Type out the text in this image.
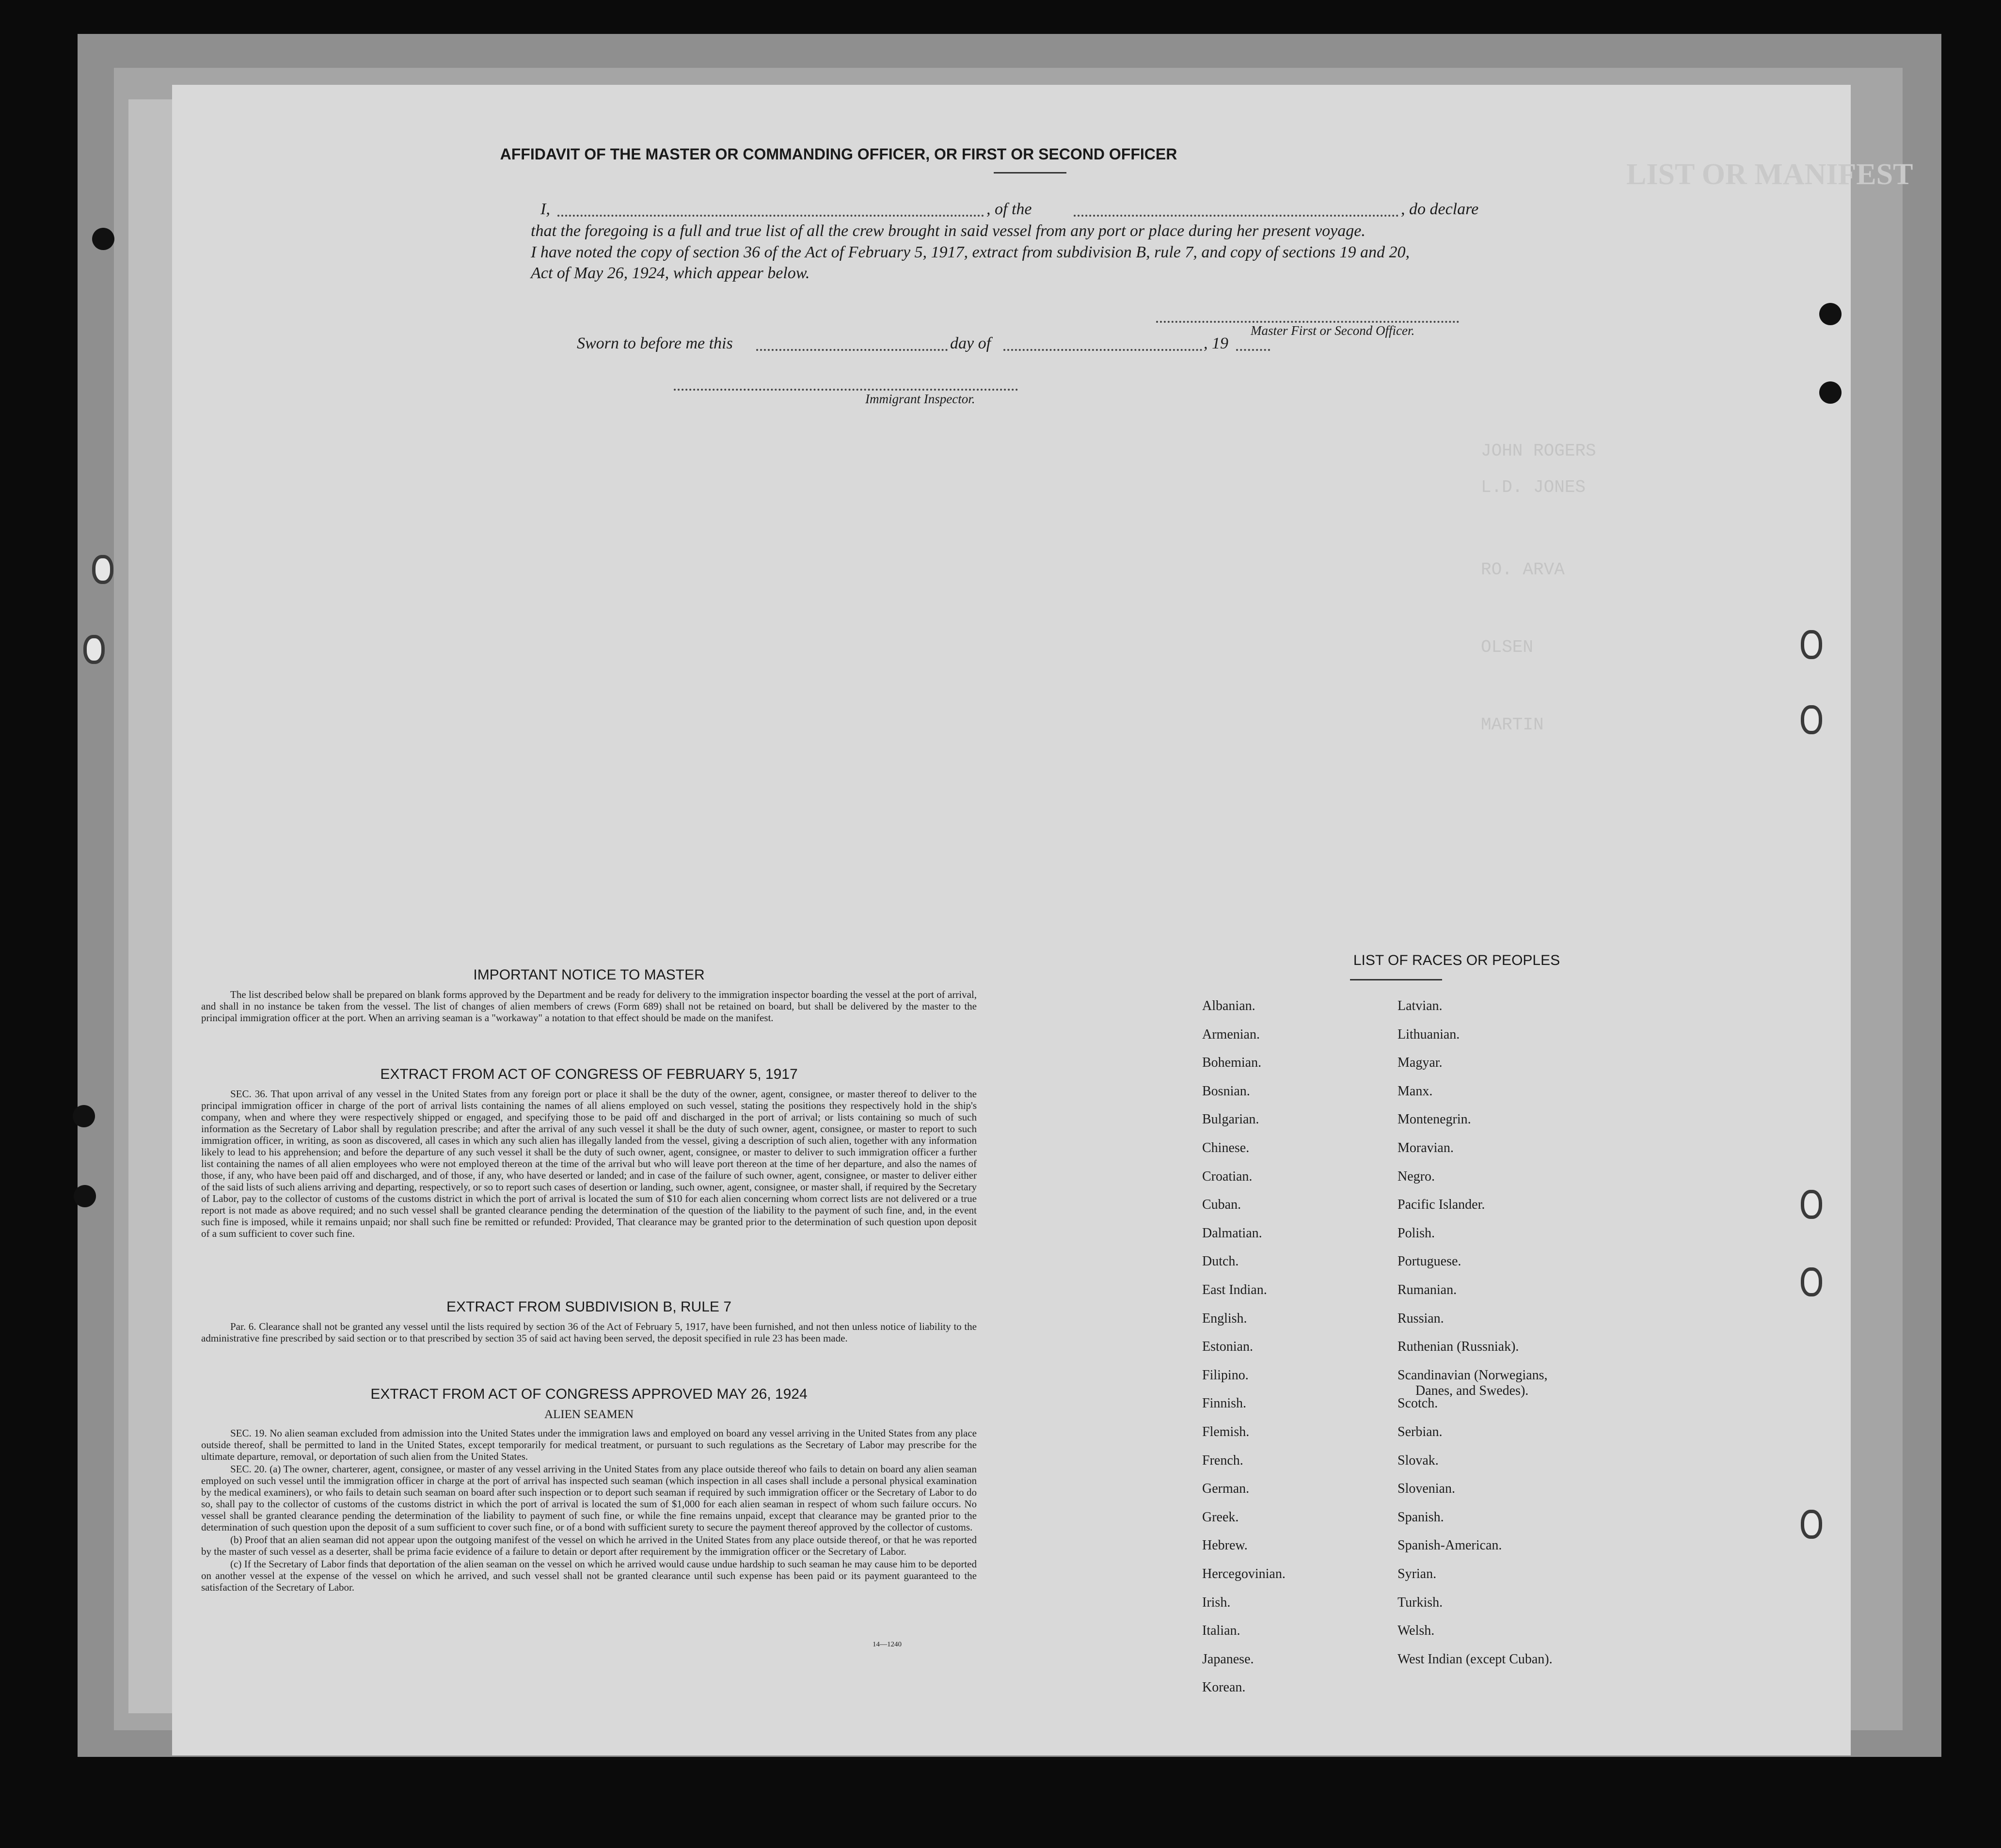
LIST OR MANIFEST
JOHN ROGERS
L.D. JONES
RO. ARVA
OLSEN
MARTIN
AFFIDAVIT OF THE MASTER OR COMMANDING OFFICER, OR FIRST OR SECOND OFFICER
I,	, of the	, do declare
that the foregoing is a full and true list of all the crew brought in said vessel from any port or place during her present voyage.
I have noted the copy of section 36 of the Act of February 5, 1917, extract from subdivision B, rule 7, and copy of sections 19 and 20,
Act of May 26, 1924, which appear below.
Master First or Second Officer.
Sworn to before me this	day of	, 19
Immigrant Inspector.
IMPORTANT NOTICE TO MASTER

The list described below shall be prepared on blank forms approved by the Department and be ready for delivery to the immigration inspector boarding the vessel at the port of arrival, and shall in no instance be taken from the vessel. The list of changes of alien members of crews (Form 689) shall not be retained on board, but shall be delivered by the master to the principal immigration officer at the port. When an arriving seaman is a "workaway" a notation to that effect should be made on the manifest.

EXTRACT FROM ACT OF CONGRESS OF FEBRUARY 5, 1917

SEC. 36. That upon arrival of any vessel in the United States from any foreign port or place it shall be the duty of the owner, agent, consignee, or master thereof to deliver to the principal immigration officer in charge of the port of arrival lists containing the names of all aliens employed on such vessel, stating the positions they respectively hold in the ship's company, when and where they were respectively shipped or engaged, and specifying those to be paid off and discharged in the port of arrival; or lists containing so much of such information as the Secretary of Labor shall by regulation prescribe; and after the arrival of any such vessel it shall be the duty of such owner, agent, consignee, or master to report to such immigration officer, in writing, as soon as discovered, all cases in which any such alien has illegally landed from the vessel, giving a description of such alien, together with any information likely to lead to his apprehension; and before the departure of any such vessel it shall be the duty of such owner, agent, consignee, or master to deliver to such immigration officer a further list containing the names of all alien employees who were not employed thereon at the time of the arrival but who will leave port thereon at the time of her departure, and also the names of those, if any, who have been paid off and discharged, and of those, if any, who have deserted or landed; and in case of the failure of such owner, agent, consignee, or master to deliver either of the said lists of such aliens arriving and departing, respectively, or so to report such cases of desertion or landing, such owner, agent, consignee, or master shall, if required by the Secretary of Labor, pay to the collector of customs of the customs district in which the port of arrival is located the sum of $10 for each alien concerning whom correct lists are not delivered or a true report is not made as above required; and no such vessel shall be granted clearance pending the determination of the question of the liability to the payment of such fine, and, in the event such fine is imposed, while it remains unpaid; nor shall such fine be remitted or refunded: Provided, That clearance may be granted prior to the determination of such question upon deposit of a sum sufficient to cover such fine.

EXTRACT FROM SUBDIVISION B, RULE 7

Par. 6. Clearance shall not be granted any vessel until the lists required by section 36 of the Act of February 5, 1917, have been furnished, and not then unless notice of liability to the administrative fine prescribed by said section or to that prescribed by section 35 of said act having been served, the deposit specified in rule 23 has been made.

EXTRACT FROM ACT OF CONGRESS APPROVED MAY 26, 1924
ALIEN SEAMEN

SEC. 19. No alien seaman excluded from admission into the United States under the immigration laws and employed on board any vessel arriving in the United States from any place outside thereof, shall be permitted to land in the United States, except temporarily for medical treatment, or pursuant to such regulations as the Secretary of Labor may prescribe for the ultimate departure, removal, or deportation of such alien from the United States.

SEC. 20. (a) The owner, charterer, agent, consignee, or master of any vessel arriving in the United States from any place outside thereof who fails to detain on board any alien seaman employed on such vessel until the immigration officer in charge at the port of arrival has inspected such seaman (which inspection in all cases shall include a personal physical examination by the medical examiners), or who fails to detain such seaman on board after such inspection or to deport such seaman if required by such immigration officer or the Secretary of Labor to do so, shall pay to the collector of customs of the customs district in which the port of arrival is located the sum of $1,000 for each alien seaman in respect of whom such failure occurs. No vessel shall be granted clearance pending the determination of the liability to payment of such fine, or while the fine remains unpaid, except that clearance may be granted prior to the determination of such question upon the deposit of a sum sufficient to cover such fine, or of a bond with sufficient surety to secure the payment thereof approved by the collector of customs.

(b) Proof that an alien seaman did not appear upon the outgoing manifest of the vessel on which he arrived in the United States from any place outside thereof, or that he was reported by the master of such vessel as a deserter, shall be prima facie evidence of a failure to detain or deport after requirement by the immigration officer or the Secretary of Labor.

(c) If the Secretary of Labor finds that deportation of the alien seaman on the vessel on which he arrived would cause undue hardship to such seaman he may cause him to be deported on another vessel at the expense of the vessel on which he arrived, and such vessel shall not be granted clearance until such expense has been paid or its payment guaranteed to the satisfaction of the Secretary of Labor.

14—1240
LIST OF RACES OR PEOPLES
Albanian.
Armenian.
Bohemian.
Bosnian.
Bulgarian.
Chinese.
Croatian.
Cuban.
Dalmatian.
Dutch.
East Indian.
English.
Estonian.
Filipino.
Finnish.
Flemish.
French.
German.
Greek.
Hebrew.
Hercegovinian.
Irish.
Italian.
Japanese.
Korean.
Latvian.
Lithuanian.
Magyar.
Manx.
Montenegrin.
Moravian.
Negro.
Pacific Islander.
Polish.
Portuguese.
Rumanian.
Russian.
Ruthenian (Russniak).
Scandinavian (Norwegians,
Danes, and Swedes).
Scotch.
Serbian.
Slovak.
Slovenian.
Spanish.
Spanish-American.
Syrian.
Turkish.
Welsh.
West Indian (except Cuban).
